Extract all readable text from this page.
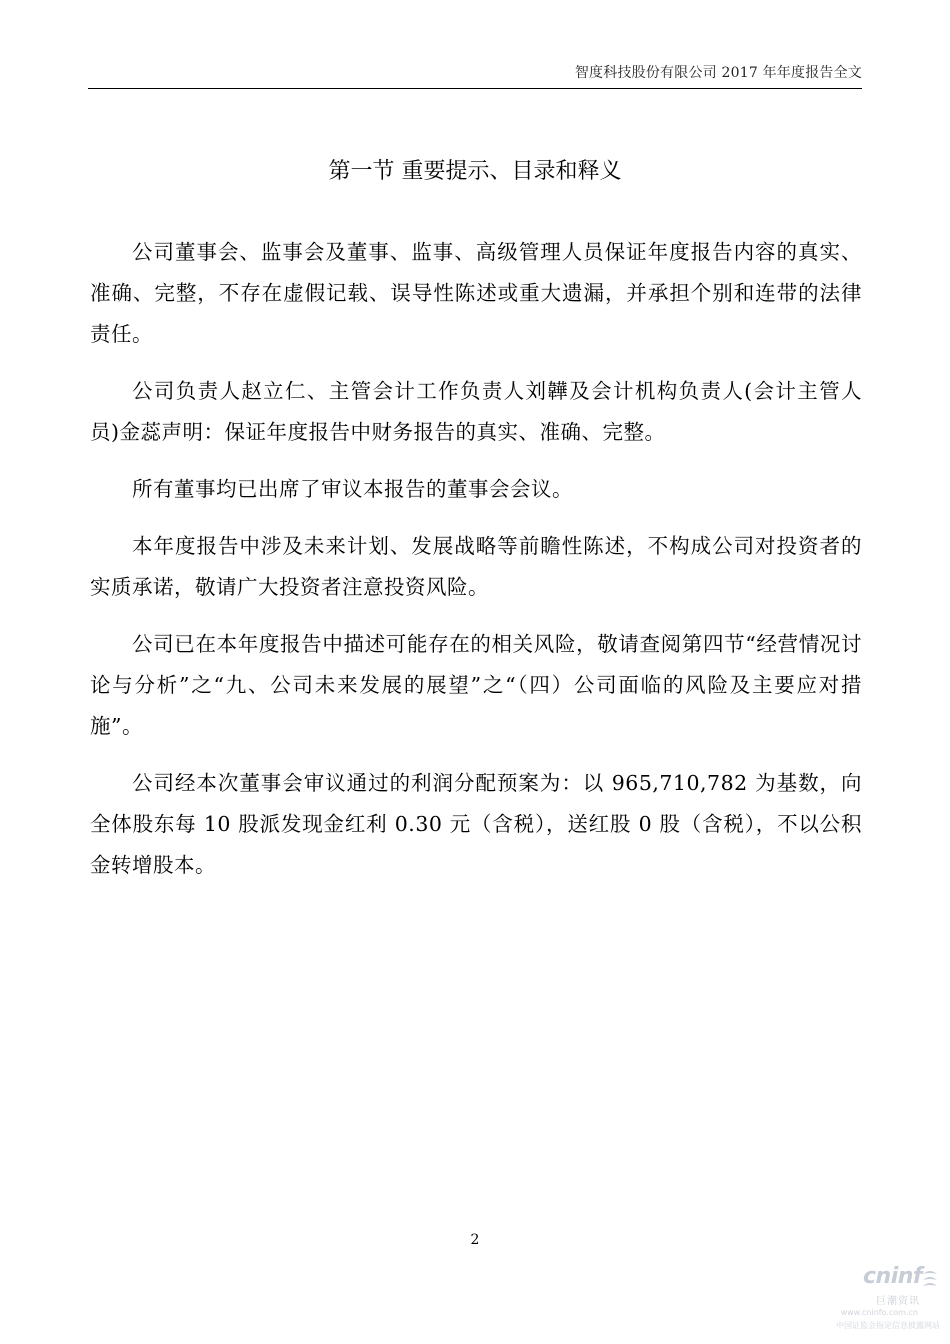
智度科技股份有限公司 2017 年年度报告全文
第一节 重要提示、目录和释义

公司董事会、监事会及董事、监事、高级管理人员保证年度报告内容的真实、准确、完整，不存在虚假记载、误导性陈述或重大遗漏，并承担个别和连带的法律责任。

公司负责人赵立仁、主管会计工作负责人刘韡及会计机构负责人(会计主管人员)金蕊声明：保证年度报告中财务报告的真实、准确、完整。

所有董事均已出席了审议本报告的董事会会议。

本年度报告中涉及未来计划、发展战略等前瞻性陈述，不构成公司对投资者的实质承诺，敬请广大投资者注意投资风险。

公司已在本年度报告中描述可能存在的相关风险，敬请查阅第四节“经营情况讨论与分析”之“九、公司未来发展的展望”之“（四）公司面临的风险及主要应对措施”。

公司经本次董事会审议通过的利润分配预案为：以 965,710,782 为基数，向全体股东每 10 股派发现金红利 0.30 元（含税），送红股 0 股（含税），不以公积金转增股本。

2
cninf
巨潮资讯
www.cninfo.com.cn
中国证监会指定信息披露网站
